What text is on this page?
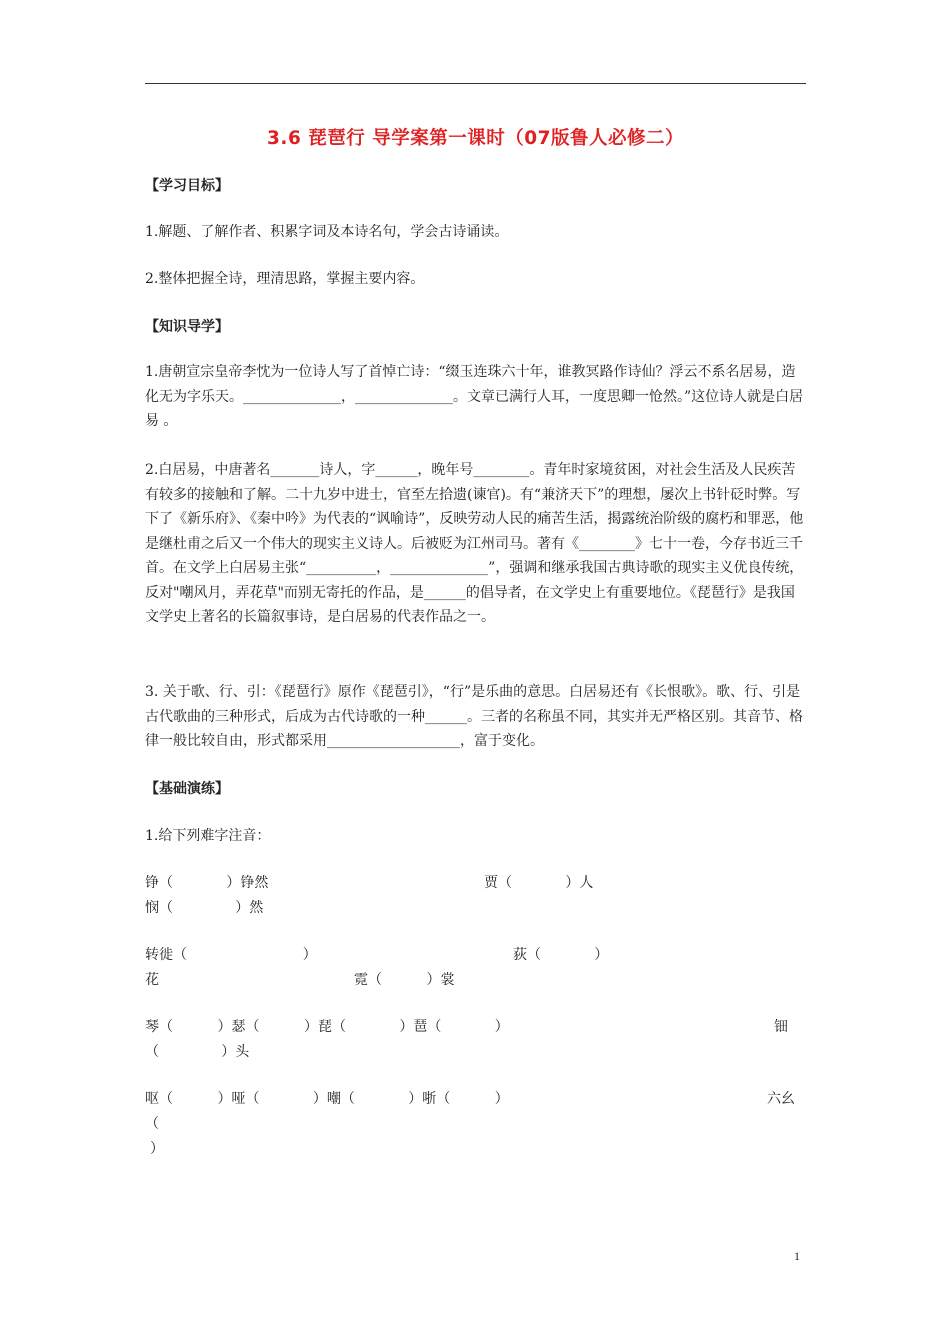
3.6 琵琶行 导学案第一课时（07版鲁人必修二）
【学习目标】
1.解题、了解作者、积累字词及本诗名句，学会古诗诵读。
2.整体把握全诗，理清思路，掌握主要内容。
【知识导学】
1.唐朝宣宗皇帝李忱为一位诗人写了首悼亡诗：“缀玉连珠六十年，谁教冥路作诗仙？浮云不系名居易，造化无为字乐天。______________，______________。文章已满行人耳，一度思卿一怆然。”这位诗人就是白居易 。
2.白居易，中唐著名_______诗人，字______，晚年号________。青年时家境贫困，对社会生活及人民疾苦有较多的接触和了解。二十九岁中进士，官至左拾遗(谏官)。有“兼济天下”的理想，屡次上书针砭时弊。写下了《新乐府》、《秦中吟》为代表的“讽喻诗”，反映劳动人民的痛苦生活，揭露统治阶级的腐朽和罪恶，他是继杜甫之后又一个伟大的现实主义诗人。后被贬为江州司马。著有《________》七十一卷，今存书近三千首。在文学上白居易主张“__________，______________”，强调和继承我国古典诗歌的现实主义优良传统，反对"嘲风月，弄花草"而别无寄托的作品，是______的倡导者，在文学史上有重要地位。《琵琶行》是我国文学史上著名的长篇叙事诗，是白居易的代表作品之一。
3. 关于歌、行、引：《琵琶行》原作《琵琶引》，“行”是乐曲的意思。白居易还有《长恨歌》。歌、行、引是古代歌曲的三种形式，后成为古代诗歌的一种______。三者的名称虽不同，其实并无严格区别。其音节、格律一般比较自由，形式都采用___________________，富于变化。
【基础演练】
1.给下列难字注音：
铮（            ）铮然	贾（            ）人
悯（              ）然
转徙（                          ）	荻（            ）
花	霓（          ）裳
琴（          ）瑟（          ）琵（            ）琶（            ）	钿
（              ）头
呕（          ）哑（            ）嘲（            ）哳（          ）	六幺
（
）
1
